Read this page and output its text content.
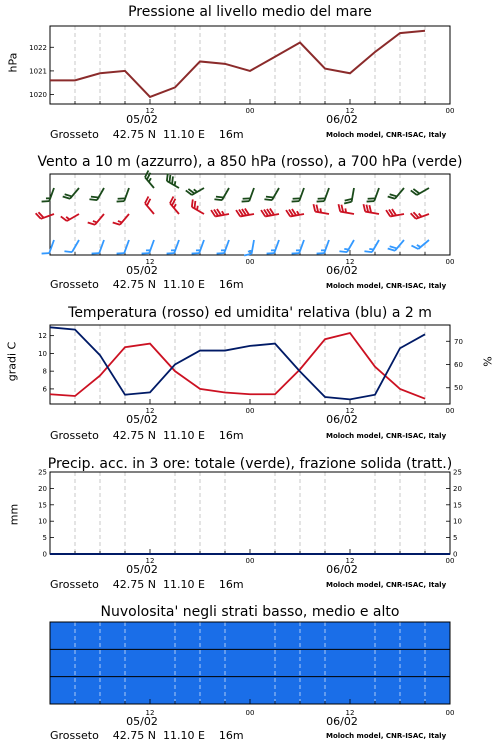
Pressione al livello medio del mare
hPa
12	00	12	00
05/02	06/02
1020
1021
1022
Grosseto    42.75 N  11.10 E    16m	Moloch model, CNR-ISAC, Italy
Vento a 10 m (azzurro), a 850 hPa (rosso), a 700 hPa (verde)
12	00	12	00
05/02	06/02
Grosseto    42.75 N  11.10 E    16m	Moloch model, CNR-ISAC, Italy
Temperatura (rosso) ed umidita' relativa (blu) a 2 m
gradi C	%
12	00	12	00
05/02	06/02
6
8
10
12
50
60
70
Grosseto    42.75 N  11.10 E    16m	Moloch model, CNR-ISAC, Italy
Precip. acc. in 3 ore: totale (verde), frazione solida (tratt.)
mm
12	00	12	00
05/02	06/02
0	0
5	5
10	10
15	15
20	20
25	25
Grosseto    42.75 N  11.10 E    16m	Moloch model, CNR-ISAC, Italy
Nuvolosita' negli strati basso, medio e alto
12	00	12	00
05/02	06/02
Grosseto    42.75 N  11.10 E    16m	Moloch model, CNR-ISAC, Italy
